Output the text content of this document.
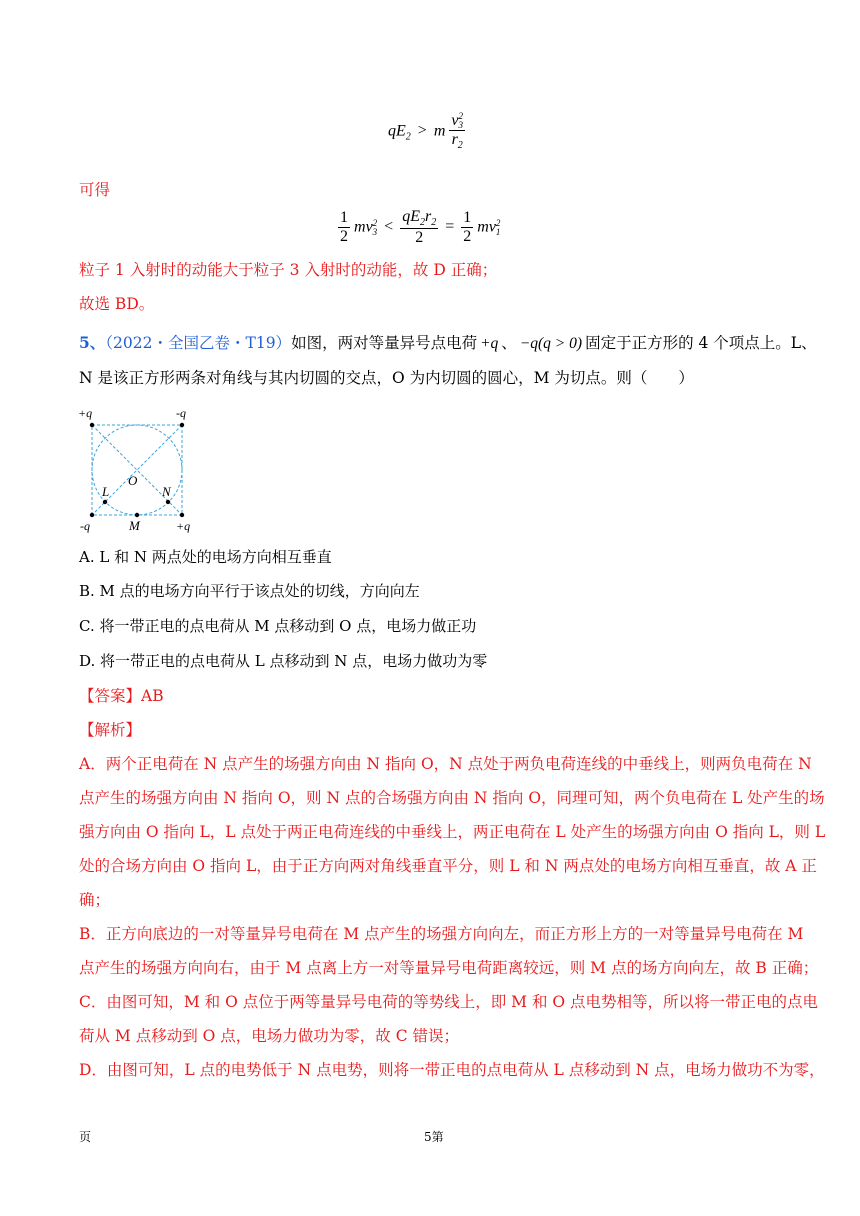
$qE_2 > m$ v 2
3
$r_2$
可得
$\frac{1}{2}$ mv 2
$3 < \frac{qE_2r_2}{2} = \frac{1}{2}$ mv 2
1
粒子 1 入射时的动能大于粒子 3 入射时的动能，故 D 正确；
故选 BD。
5、（2022・全国乙卷・T19）如图，两对等量异号点电荷 +q 、 −q(q > 0) 固定于正方形的 4 个项点上。L、
N 是该正方形两条对角线与其内切圆的交点，O 为内切圆的圆心，M 为切点。则（　　）
+q	-q
-q	+q
O
L	N
M
A. L 和 N 两点处的电场方向相互垂直
B. M 点的电场方向平行于该点处的切线，方向向左
C. 将一带正电的点电荷从 M 点移动到 O 点，电场力做正功
D. 将一带正电的点电荷从 L 点移动到 N 点，电场力做功为零
【答案】AB
【解析】
A．两个正电荷在 N 点产生的场强方向由 N 指向 O，N 点处于两负电荷连线的中垂线上，则两负电荷在 N
点产生的场强方向由 N 指向 O，则 N 点的合场强方向由 N 指向 O，同理可知，两个负电荷在 L 处产生的场
强方向由 O 指向 L，L 点处于两正电荷连线的中垂线上，两正电荷在 L 处产生的场强方向由 O 指向 L，则 L
处的合场方向由 O 指向 L，由于正方向两对角线垂直平分，则 L 和 N 两点处的电场方向相互垂直，故 A 正
确；
B．正方向底边的一对等量异号电荷在 M 点产生的场强方向向左，而正方形上方的一对等量异号电荷在 M
点产生的场强方向向右，由于 M 点离上方一对等量异号电荷距离较远，则 M 点的场方向向左，故 B 正确；
C．由图可知，M 和 O 点位于两等量异号电荷的等势线上，即 M 和 O 点电势相等，所以将一带正电的点电
荷从 M 点移动到 O 点，电场力做功为零，故 C 错误；
D．由图可知，L 点的电势低于 N 点电势，则将一带正电的点电荷从 L 点移动到 N 点，电场力做功不为零，
页	5第
